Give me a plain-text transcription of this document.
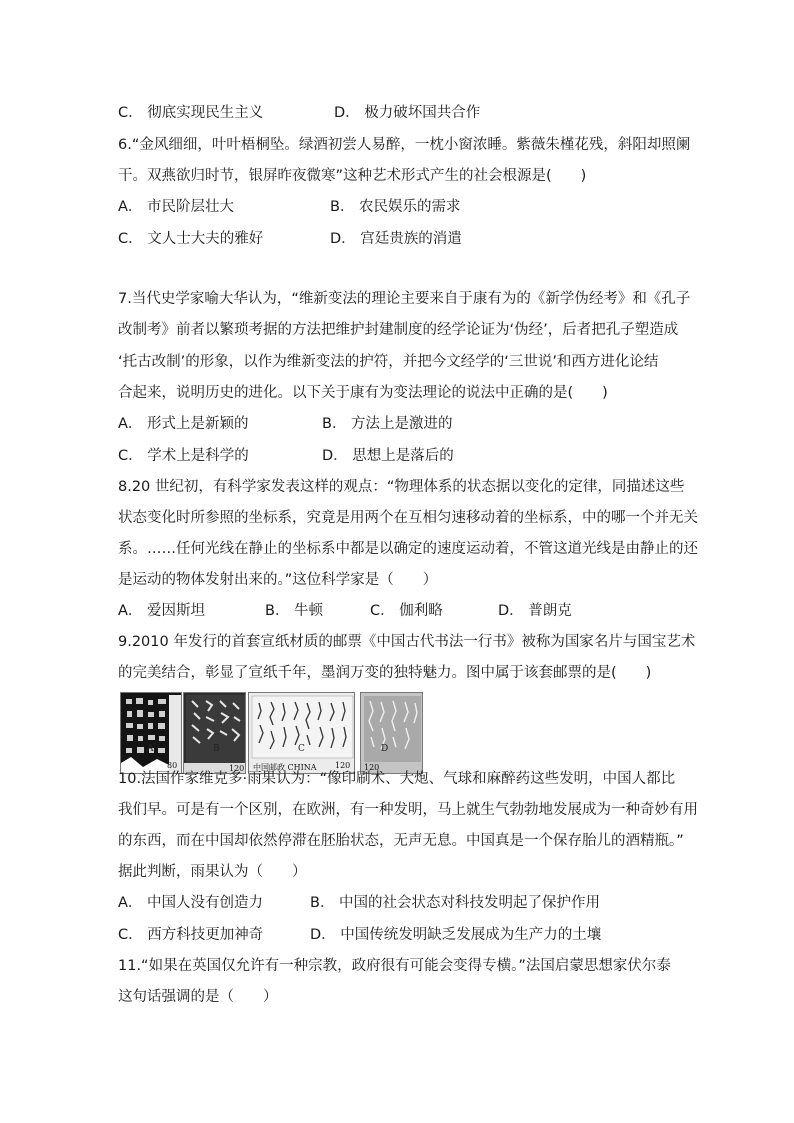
C． 彻底实现民生主义	D． 极力破坏国共合作
6.“金风细细，叶叶梧桐坠。绿酒初尝人易醉，一枕小窗浓睡。紫薇朱槿花残，斜阳却照阑
干。双燕欲归时节，银屏昨夜微寒”这种艺术形式产生的社会根源是(　　)
A． 市民阶层壮大	B． 农民娱乐的需求
C． 文人士大夫的雅好	D． 宫廷贵族的消遣
7.当代史学家喻大华认为，“维新变法的理论主要来自于康有为的《新学伪经考》和《孔子
改制考》前者以繁琐考据的方法把维护封建制度的经学论证为‘伪经’，后者把孔子塑造成
‘托古改制’的形象，以作为维新变法的护符，并把今文经学的‘三世说’和西方进化论结
合起来，说明历史的进化。以下关于康有为变法理论的说法中正确的是(　　)
A． 形式上是新颖的	B． 方法上是激进的
C． 学术上是科学的	D． 思想上是落后的
8.20 世纪初，有科学家发表这样的观点：“物理体系的状态据以变化的定律，同描述这些
状态变化时所参照的坐标系，究竟是用两个在互相匀速移动着的坐标系，中的哪一个并无关
系。……任何光线在静止的坐标系中都是以确定的速度运动着，不管这道光线是由静止的还
是运动的物体发射出来的。”这位科学家是（　　）
A． 爱因斯坦	B． 牛顿	C． 伽利略	D． 普朗克
9.2010 年发行的首套宣纸材质的邮票《中国古代书法一行书》被称为国家名片与国宝艺术
的完美结合，彰显了宣纸千年，墨润万变的独特魅力。图中属于该套邮票的是(　　)
80	120 中国邮政 CHINA 120 120
A	B	C	D
10.法国作家维克多·雨果认为：“像印刷术、大炮、气球和麻醉药这些发明，中国人都比
我们早。可是有一个区别，在欧洲，有一种发明，马上就生气勃勃地发展成为一种奇妙有用
的东西，而在中国却依然停滞在胚胎状态，无声无息。中国真是一个保存胎儿的酒精瓶。”
据此判断，雨果认为（　　）
A． 中国人没有创造力	B． 中国的社会状态对科技发明起了保护作用
C． 西方科技更加神奇	D． 中国传统发明缺乏发展成为生产力的土壤
11.“如果在英国仅允许有一种宗教，政府很有可能会变得专横。”法国启蒙思想家伏尔泰
这句话强调的是（　　）
